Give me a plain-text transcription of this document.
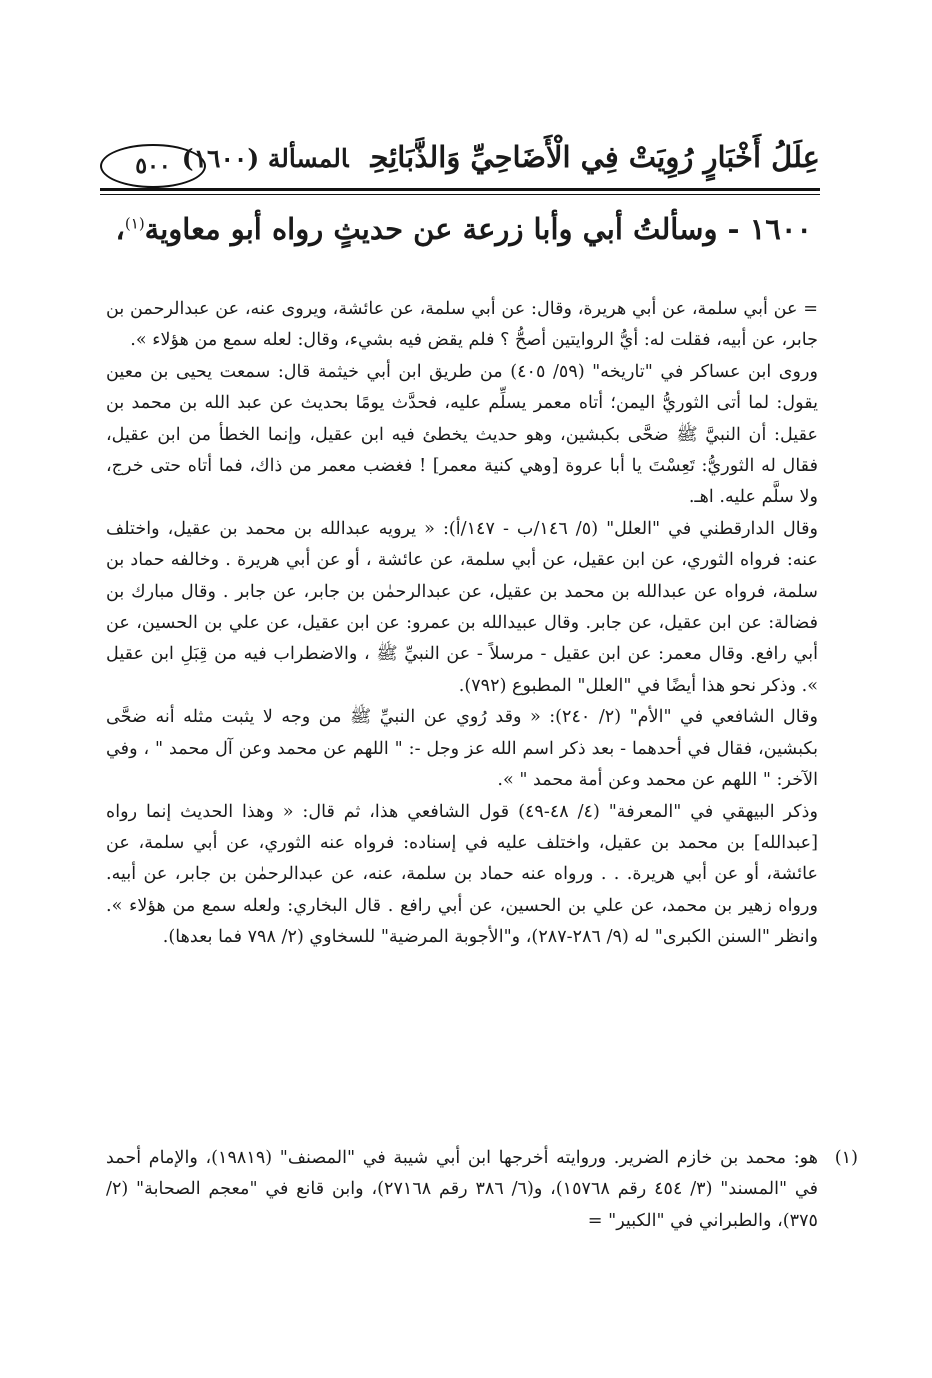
٥٠٠	عِلَلُ أَخْبَارٍ رُوِيَتْ فِي الْأَضَاحِيِّ وَالذَّبَائِحِالمسألة (١٦٠٠)
١٦٠٠ - وسألتُ أبي وأبا زرعة عن حديثٍ رواه أبو معاوية$^{(١)}$،

= عن أبي سلمة، عن أبي هريرة، وقال: عن أبي سلمة، عن عائشة، ويروى عنه، عن عبدالرحمن بن جابر، عن أبيه، فقلت له: أيُّ الروايتين أصحُّ ؟ فلم يقض فيه بشيء، وقال: لعله سمع من هؤلاء ».

وروى ابن عساكر في "تاريخه" (٥٩/ ٤٠٥) من طريق ابن أبي خيثمة قال: سمعت يحيى بن معين يقول: لما أتى الثوريُّ اليمن؛ أتاه معمر يسلِّم عليه، فحدَّث يومًا بحديث عن عبد الله بن محمد بن عقيل: أن النبيَّ ﷺ ضحَّى بكبشين، وهو حديث يخطئ فيه ابن عقيل، وإنما الخطأ من ابن عقيل، فقال له الثوريُّ: تَعِسْتَ يا أبا عروة [وهي كنية معمر] ! فغضب معمر من ذاك، فما أتاه حتى خرج، ولا سلَّم عليه. اهـ.

وقال الدارقطني في "العلل" (٥/ ١٤٦/ب - ١٤٧/أ): « يرويه عبدالله بن محمد بن عقيل، واختلف عنه: فرواه الثوري، عن ابن عقيل، عن أبي سلمة، عن عائشة ، أو عن أبي هريرة . وخالفه حماد بن سلمة، فرواه عن عبدالله بن محمد بن عقيل، عن عبدالرحمٰن بن جابر، عن جابر . وقال مبارك بن فضالة: عن ابن عقيل، عن جابر. وقال عبيدالله بن عمرو: عن ابن عقيل، عن علي بن الحسين، عن أبي رافع. وقال معمر: عن ابن عقيل - مرسلاً - عن النبيِّ ﷺ ، والاضطراب فيه من قِبَلِ ابن عقيل ». وذكر نحو هذا أيضًا في "العلل" المطبوع (٧٩٢).

وقال الشافعي في "الأم" (٢/ ٢٤٠): « وقد رُوي عن النبيِّ ﷺ من وجه لا يثبت مثله أنه ضحَّى بكبشين، فقال في أحدهما - بعد ذكر اسم الله عز وجل -: " اللهم عن محمد وعن آل محمد " ، وفي الآخر: " اللهم عن محمد وعن أمة محمد " ».

وذكر البيهقي في "المعرفة" (٤/ ٤٨-٤٩) قول الشافعي هذا، ثم قال: « وهذا الحديث إنما رواه [عبدالله] بن محمد بن عقيل، واختلف عليه في إسناده: فرواه عنه الثوري، عن أبي سلمة، عن عائشة، أو عن أبي هريرة. . . ورواه عنه حماد بن سلمة، عنه، عن عبدالرحمٰن بن جابر، عن أبيه. ورواه زهير بن محمد، عن علي بن الحسين، عن أبي رافع . قال البخاري: ولعله سمع من هؤلاء ». وانظر "السنن الكبرى" له (٩/ ٢٨٦-٢٨٧)، و"الأجوبة المرضية" للسخاوي (٢/ ٧٩٨ فما بعدها).

(١)

هو: محمد بن خازم الضرير. وروايته أخرجها ابن أبي شيبة في "المصنف" (١٩٨١٩)، والإمام أحمد في "المسند" (٣/ ٤٥٤ رقم ١٥٧٦٨)، و(٦/ ٣٨٦ رقم ٢٧١٦٨)، وابن قانع في "معجم الصحابة" (٢/ ٣٧٥)، والطبراني في "الكبير" =
